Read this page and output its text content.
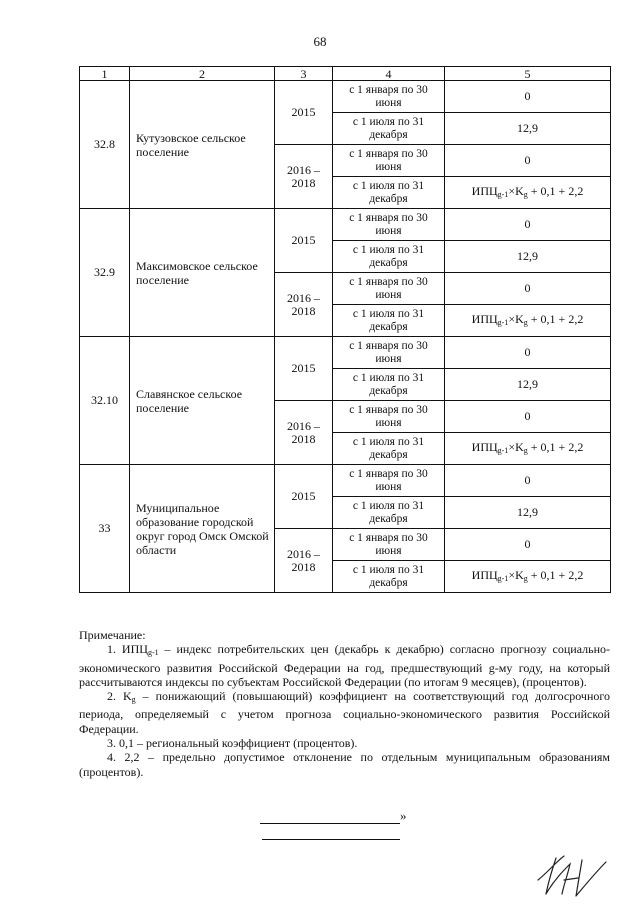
68
1	2	3	4	5
32.8	Кутузовское сельское поселение	2015	с 1 января по 30 июня	0
			с 1 июля по 31 декабря	12,9
		2016 – 2018	с 1 января по 30 июня	0
			с 1 июля по 31 декабря	$ИПЦ_{g-1}\times K_g + 0,1 + 2,2$
32.9	Максимовское сельское поселение	2015	с 1 января по 30 июня	0
			с 1 июля по 31 декабря	12,9
		2016 – 2018	с 1 января по 30 июня	0
			с 1 июля по 31 декабря	$ИПЦ_{g-1}\times K_g + 0,1 + 2,2$
32.10	Славянское сельское поселение	2015	с 1 января по 30 июня	0
			с 1 июля по 31 декабря	12,9
		2016 – 2018	с 1 января по 30 июня	0
			с 1 июля по 31 декабря	$ИПЦ_{g-1}\times K_g + 0,1 + 2,2$
33	Муниципальное образование городской округ город Омск Омской области	2015	с 1 января по 30 июня	0
			с 1 июля по 31 декабря	12,9
		2016 – 2018	с 1 января по 30 июня	0
			с 1 июля по 31 декабря	$ИПЦ_{g-1}\times K_g + 0,1 + 2,2$

Примечание:

1. $ИПЦ_{g-1}$ – индекс потребительских цен (декабрь к декабрю) согласно прогнозу социально-экономического развития Российской Федерации на год, предшествующий g-му году, на который рассчитываются индексы по субъектам Российской Федерации (по итогам 9 месяцев), (процентов).

2. $K_g$ – понижающий (повышающий) коэффициент на соответствующий год долгосрочного периода, определяемый с учетом прогноза социально-экономического развития Российской Федерации.

3. 0,1 – региональный коэффициент (процентов).

4. 2,2 – предельно допустимое отклонение по отдельным муниципальным образованиям (процентов).

»
